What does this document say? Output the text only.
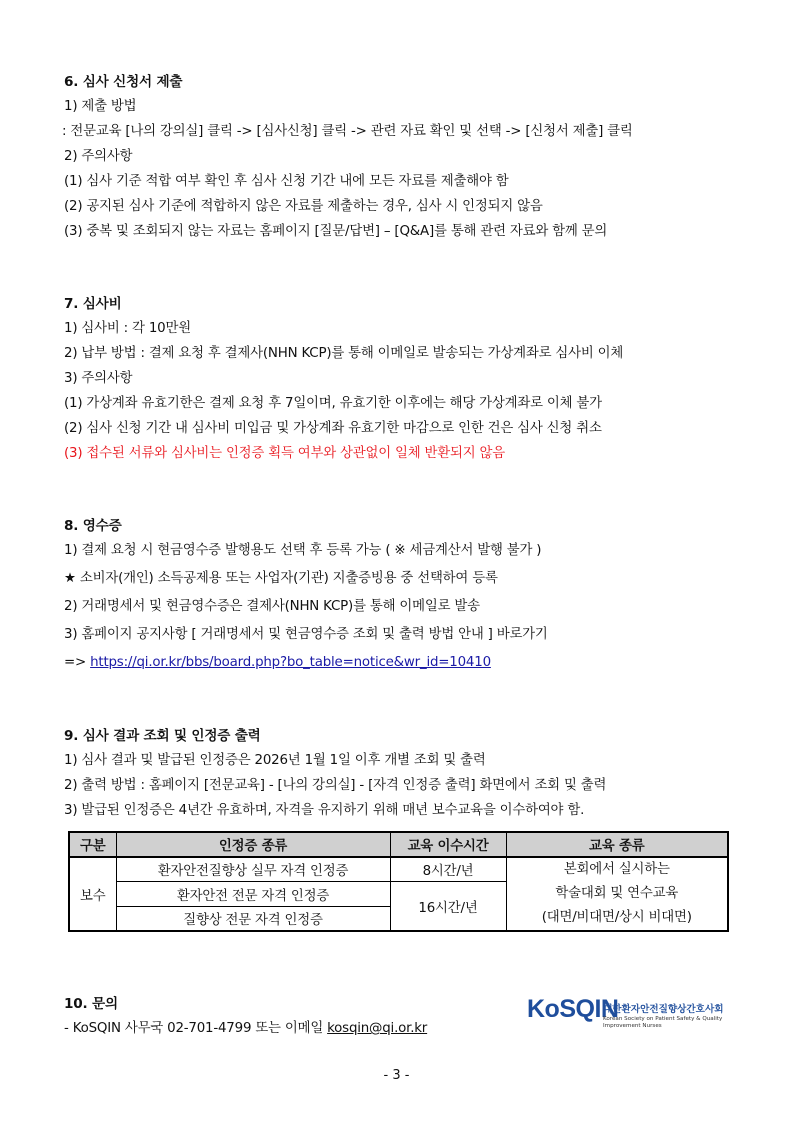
6. 심사 신청서 제출
1) 제출 방법
: 전문교육 [나의 강의실] 클릭 -> [심사신청] 클릭 -> 관련 자료 확인 및 선택 -> [신청서 제출] 클릭
2) 주의사항
(1) 심사 기준 적합 여부 확인 후 심사 신청 기간 내에 모든 자료를 제출해야 함
(2) 공지된 심사 기준에 적합하지 않은 자료를 제출하는 경우, 심사 시 인정되지 않음
(3) 중복 및 조회되지 않는 자료는 홈페이지 [질문/답변] – [Q&A]를 통해 관련 자료와 함께 문의
7. 심사비
1) 심사비 : 각 10만원
2) 납부 방법 : 결제 요청 후 결제사(NHN KCP)를 통해 이메일로 발송되는 가상계좌로 심사비 이체
3) 주의사항
(1) 가상계좌 유효기한은 결제 요청 후 7일이며, 유효기한 이후에는 해당 가상계좌로 이체 불가
(2) 심사 신청 기간 내 심사비 미입금 및 가상계좌 유효기한 마감으로 인한 건은 심사 신청 취소
(3) 접수된 서류와 심사비는 인정증 획득 여부와 상관없이 일체 반환되지 않음
8. 영수증
1) 결제 요청 시 현금영수증 발행용도 선택 후 등록 가능 ( ※ 세금계산서 발행 불가 )
★ 소비자(개인) 소득공제용 또는 사업자(기관) 지출증빙용 중 선택하여 등록
2) 거래명세서 및 현금영수증은 결제사(NHN KCP)를 통해 이메일로 발송
3) 홈페이지 공지사항 [ 거래명세서 및 현금영수증 조회 및 출력 방법 안내 ] 바로가기
=> https://qi.or.kr/bbs/board.php?bo_table=notice&wr_id=10410
9. 심사 결과 조회 및 인정증 출력
1) 심사 결과 및 발급된 인정증은 2026년 1월 1일 이후 개별 조회 및 출력
2) 출력 방법 : 홈페이지 [전문교육] - [나의 강의실] - [자격 인정증 출력] 화면에서 조회 및 출력
3) 발급된 인정증은 4년간 유효하며, 자격을 유지하기 위해 매년 보수교육을 이수하여야 함.
구분	인정증 종류	교육 이수시간	교육 종류
보수	환자안전질향상 실무 자격 인정증	8시간/년	본회에서 실시하는
학술대회 및 연수교육
(대면/비대면/상시 비대면)

	환자안전 전문 자격 인정증	16시간/년	
	질향상 전문 자격 인정증		
10. 문의
- KoSQIN 사무국 02-701-4799 또는 이메일 kosqin@qi.or.kr
KoSQIN
대한환자안전질향상간호사회
Korean Society on Patient Safety & Quality
Improvement Nurses
- 3 -
